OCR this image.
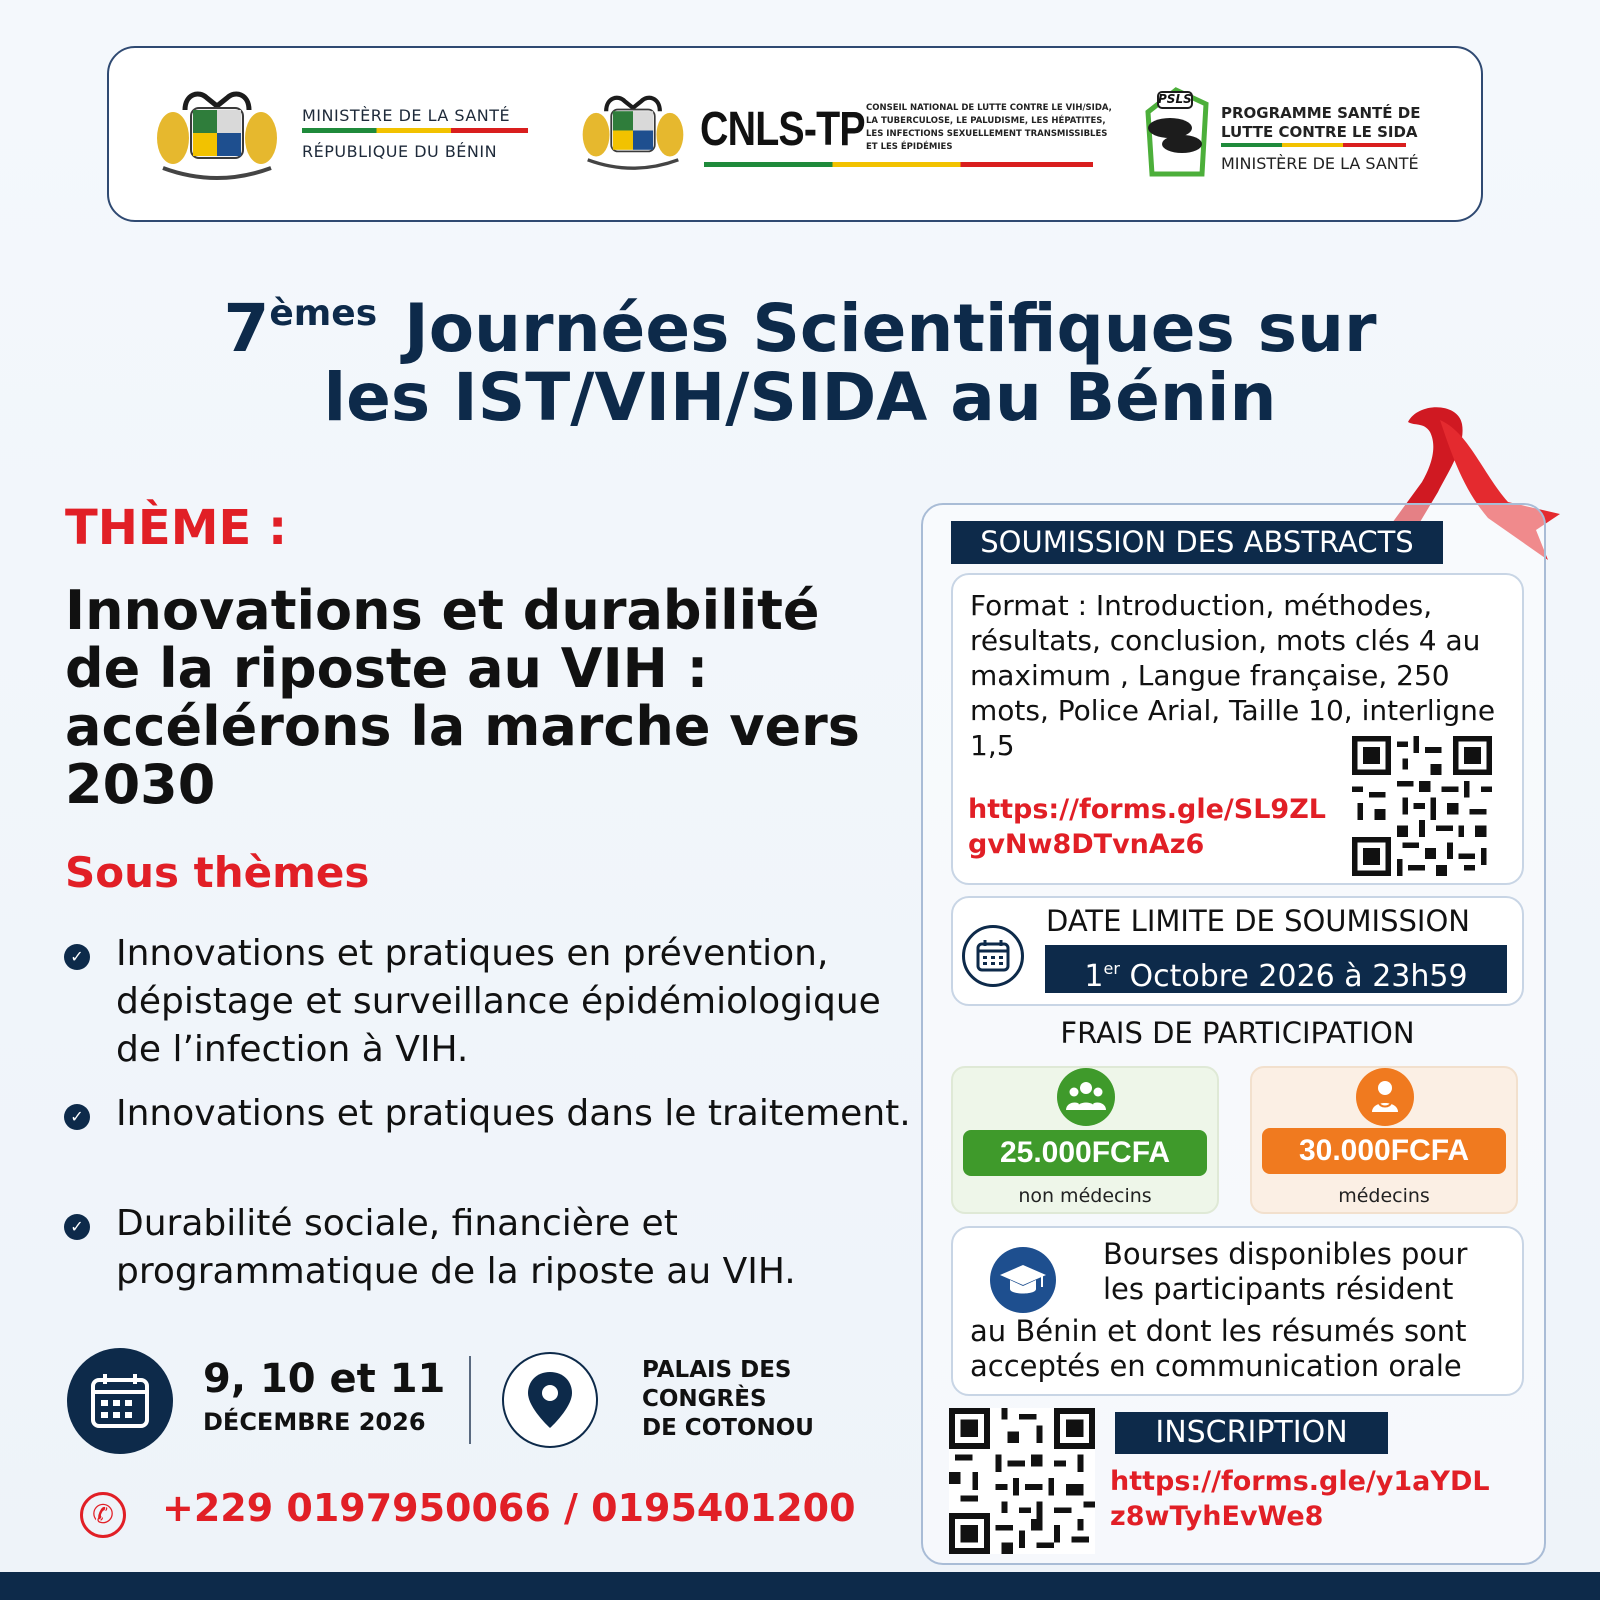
MINISTÈRE DE LA SANTÉ
RÉPUBLIQUE DU BÉNIN	CNLS-TP CONSEIL NATIONAL DE LUTTE CONTRE LE VIH/SIDA,
LA TUBERCULOSE, LE PALUDISME, LES HÉPATITES,
LES INFECTIONS SEXUELLEMENT TRANSMISSIBLES
ET LES ÉPIDÉMIES
PSLS
PROGRAMME SANTÉ DE
LUTTE CONTRE LE SIDA
MINISTÈRE DE LA SANTÉ
7èmes Journées Scientifiques sur
les IST/VIH/SIDA au Bénin
THÈME :
Innovations et durabilité de la riposte au VIH : accélérons la marche vers 2030
Sous thèmes
✓ Innovations et pratiques en prévention, dépistage et surveillance épidémiologique de l’infection à VIH.
✓ Innovations et pratiques dans le traitement.
✓ Durabilité sociale, financière et programmatique de la riposte au VIH.
9, 10 et 11
DÉCEMBRE 2026
PALAIS DES
CONGRÈS
DE COTONOU
✆	+229 0197950066 / 0195401200
SOUMISSION DES ABSTRACTS
Format : Introduction, méthodes, résultats, conclusion, mots clés 4 au maximum , Langue française, 250 mots, Police Arial, Taille 10, interligne 1,5
https://forms.gle/SL9ZL
gvNw8DTvnAz6
DATE LIMITE DE SOUMISSION
1er Octobre 2026 à 23h59
FRAIS DE PARTICIPATION
25.000FCFA
non médecins
30.000FCFA
médecins
Bourses disponibles pour
les participants résident
au Bénin et dont les résumés sont
acceptés en communication orale
INSCRIPTION
https://forms.gle/y1aYDL
z8wTyhEvWe8
